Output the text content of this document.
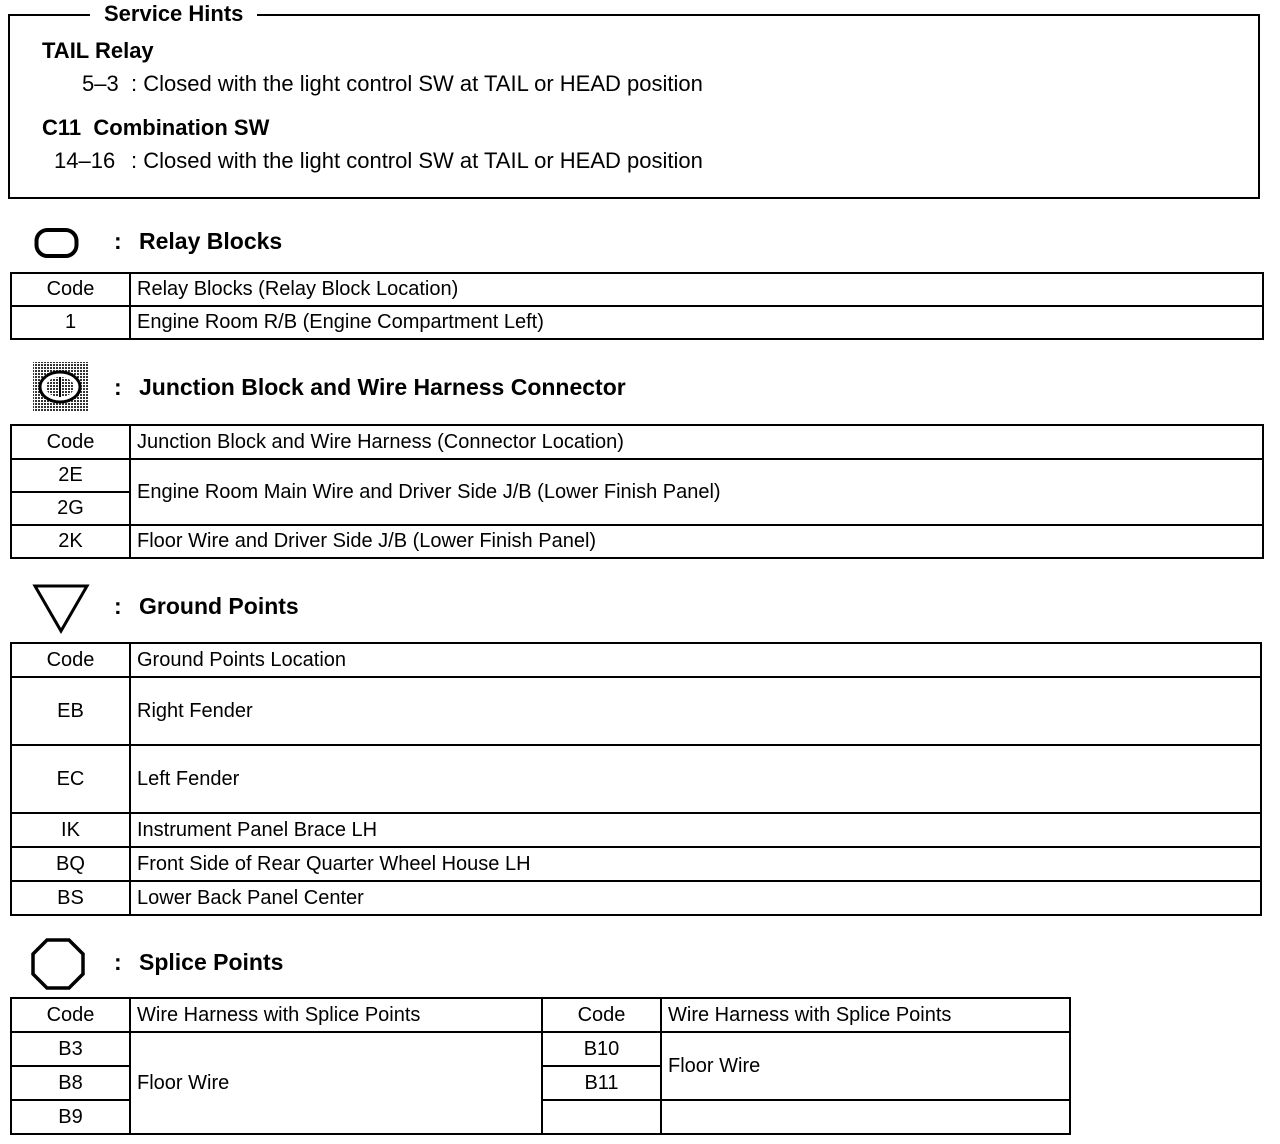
Service Hints
TAIL Relay
5–3 : Closed with the light control SW at TAIL or HEAD position
C11  Combination SW
14–16 : Closed with the light control SW at TAIL or HEAD position
: Relay Blocks
Code	Relay Blocks (Relay Block Location)
1	Engine Room R/B (Engine Compartment Left)
: Junction Block and Wire Harness Connector
Code	Junction Block and Wire Harness (Connector Location)
2E	Engine Room Main Wire and Driver Side J/B (Lower Finish Panel)
2G	
2K	Floor Wire and Driver Side J/B (Lower Finish Panel)
: Ground Points
Code	Ground Points Location
EB	Right Fender
EC	Left Fender
IK	Instrument Panel Brace LH
BQ	Front Side of Rear Quarter Wheel House LH
BS	Lower Back Panel Center
: Splice Points
Code	Wire Harness with Splice Points	Code	Wire Harness with Splice Points
B3	Floor Wire	B10	Floor Wire
B8		B11	
B9			
